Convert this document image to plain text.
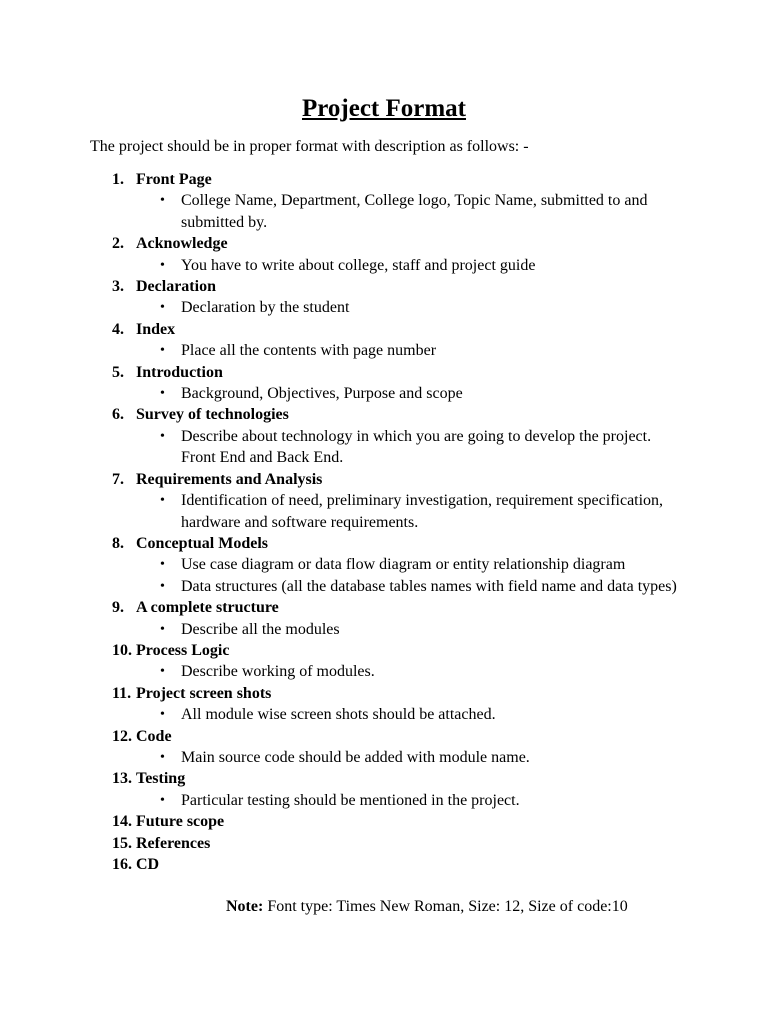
Project Format
The project should be in proper format with description as follows: -
1.Front Page
• College Name, Department, College logo, Topic Name, submitted to and submitted by.
2.Acknowledge
• You have to write about college, staff and project guide
3.Declaration
• Declaration by the student
4.Index
• Place all the contents with page number
5.Introduction
• Background, Objectives, Purpose and scope
6.Survey of technologies
• Describe about technology in which you are going to develop the project. Front End and Back End.
7.Requirements and Analysis
• Identification of need, preliminary investigation, requirement specification, hardware and software requirements.
8.Conceptual Models
• Use case diagram or data flow diagram or entity relationship diagram
• Data structures (all the database tables names with field name and data types)
9.A complete structure
• Describe all the modules
10. Process Logic
• Describe working of modules.
11. Project screen shots
• All module wise screen shots should be attached.
12. Code
• Main source code should be added with module name.
13. Testing
• Particular testing should be mentioned in the project.
14. Future scope
15. References
16. CD
Note: Font type: Times New Roman, Size: 12, Size of code:10
